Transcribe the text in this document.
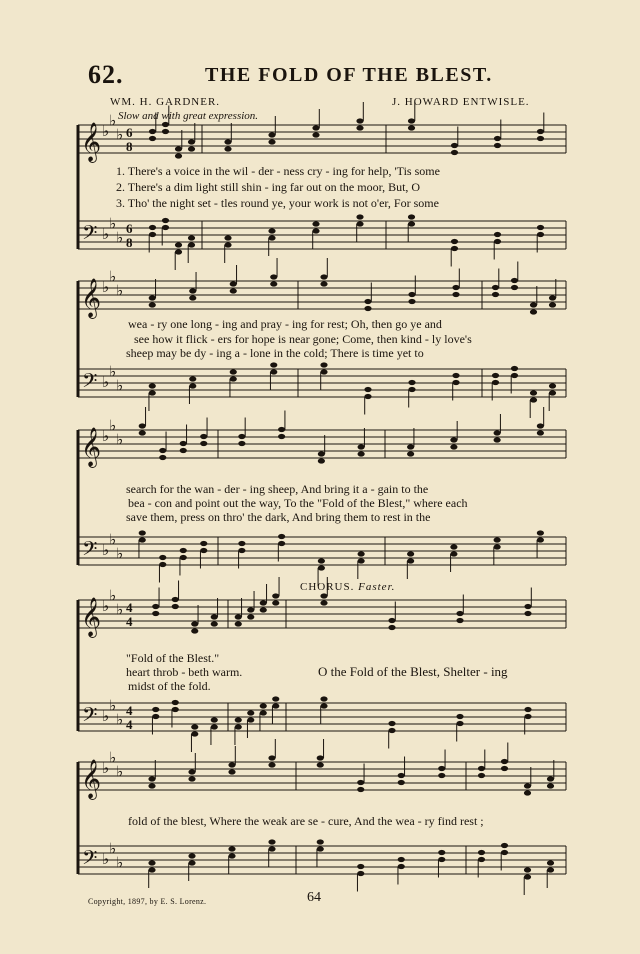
62.	THE FOLD OF THE BLEST.
WM. H. GARDNER.	J. HOWARD ENTWISLE.
Slow and with great expression.
𝄞
𝄢
♭
♭
♭
♭
♭
♭
6
8
6
8
𝄞
𝄢
♭
♭
♭
♭
♭
♭
𝄞
𝄢
♭
♭
♭
♭
♭
♭
𝄞
𝄢
♭
♭
♭
♭
♭
♭
4
4
4
4
𝄞
𝄢
♭
♭
♭
♭
♭
♭
1. There's a voice in the wil - der - ness cry - ing for help, 'Tis some
2. There's a dim light still shin - ing far out on the moor, But, O
3. Tho' the night set - tles round ye, your work is not o'er, For some
wea - ry one long - ing and pray - ing for rest; Oh, then go ye and
see how it flick - ers for hope is near gone; Come, then kind - ly love's
sheep may be dy - ing a - lone in the cold; There is time yet to
search for the wan - der - ing sheep, And bring it a - gain to the
bea - con and point out the way, To the "Fold of the Blest," where each
save them, press on thro' the dark, And bring them to rest in the
CHORUS. Faster.
"Fold of the Blest."
heart throb - beth warm.
midst of the fold.
O the Fold of the Blest, Shelter - ing
fold of the blest, Where the weak are se - cure, And the wea - ry find rest ;
Copyright, 1897, by E. S. Lorenz.	64
